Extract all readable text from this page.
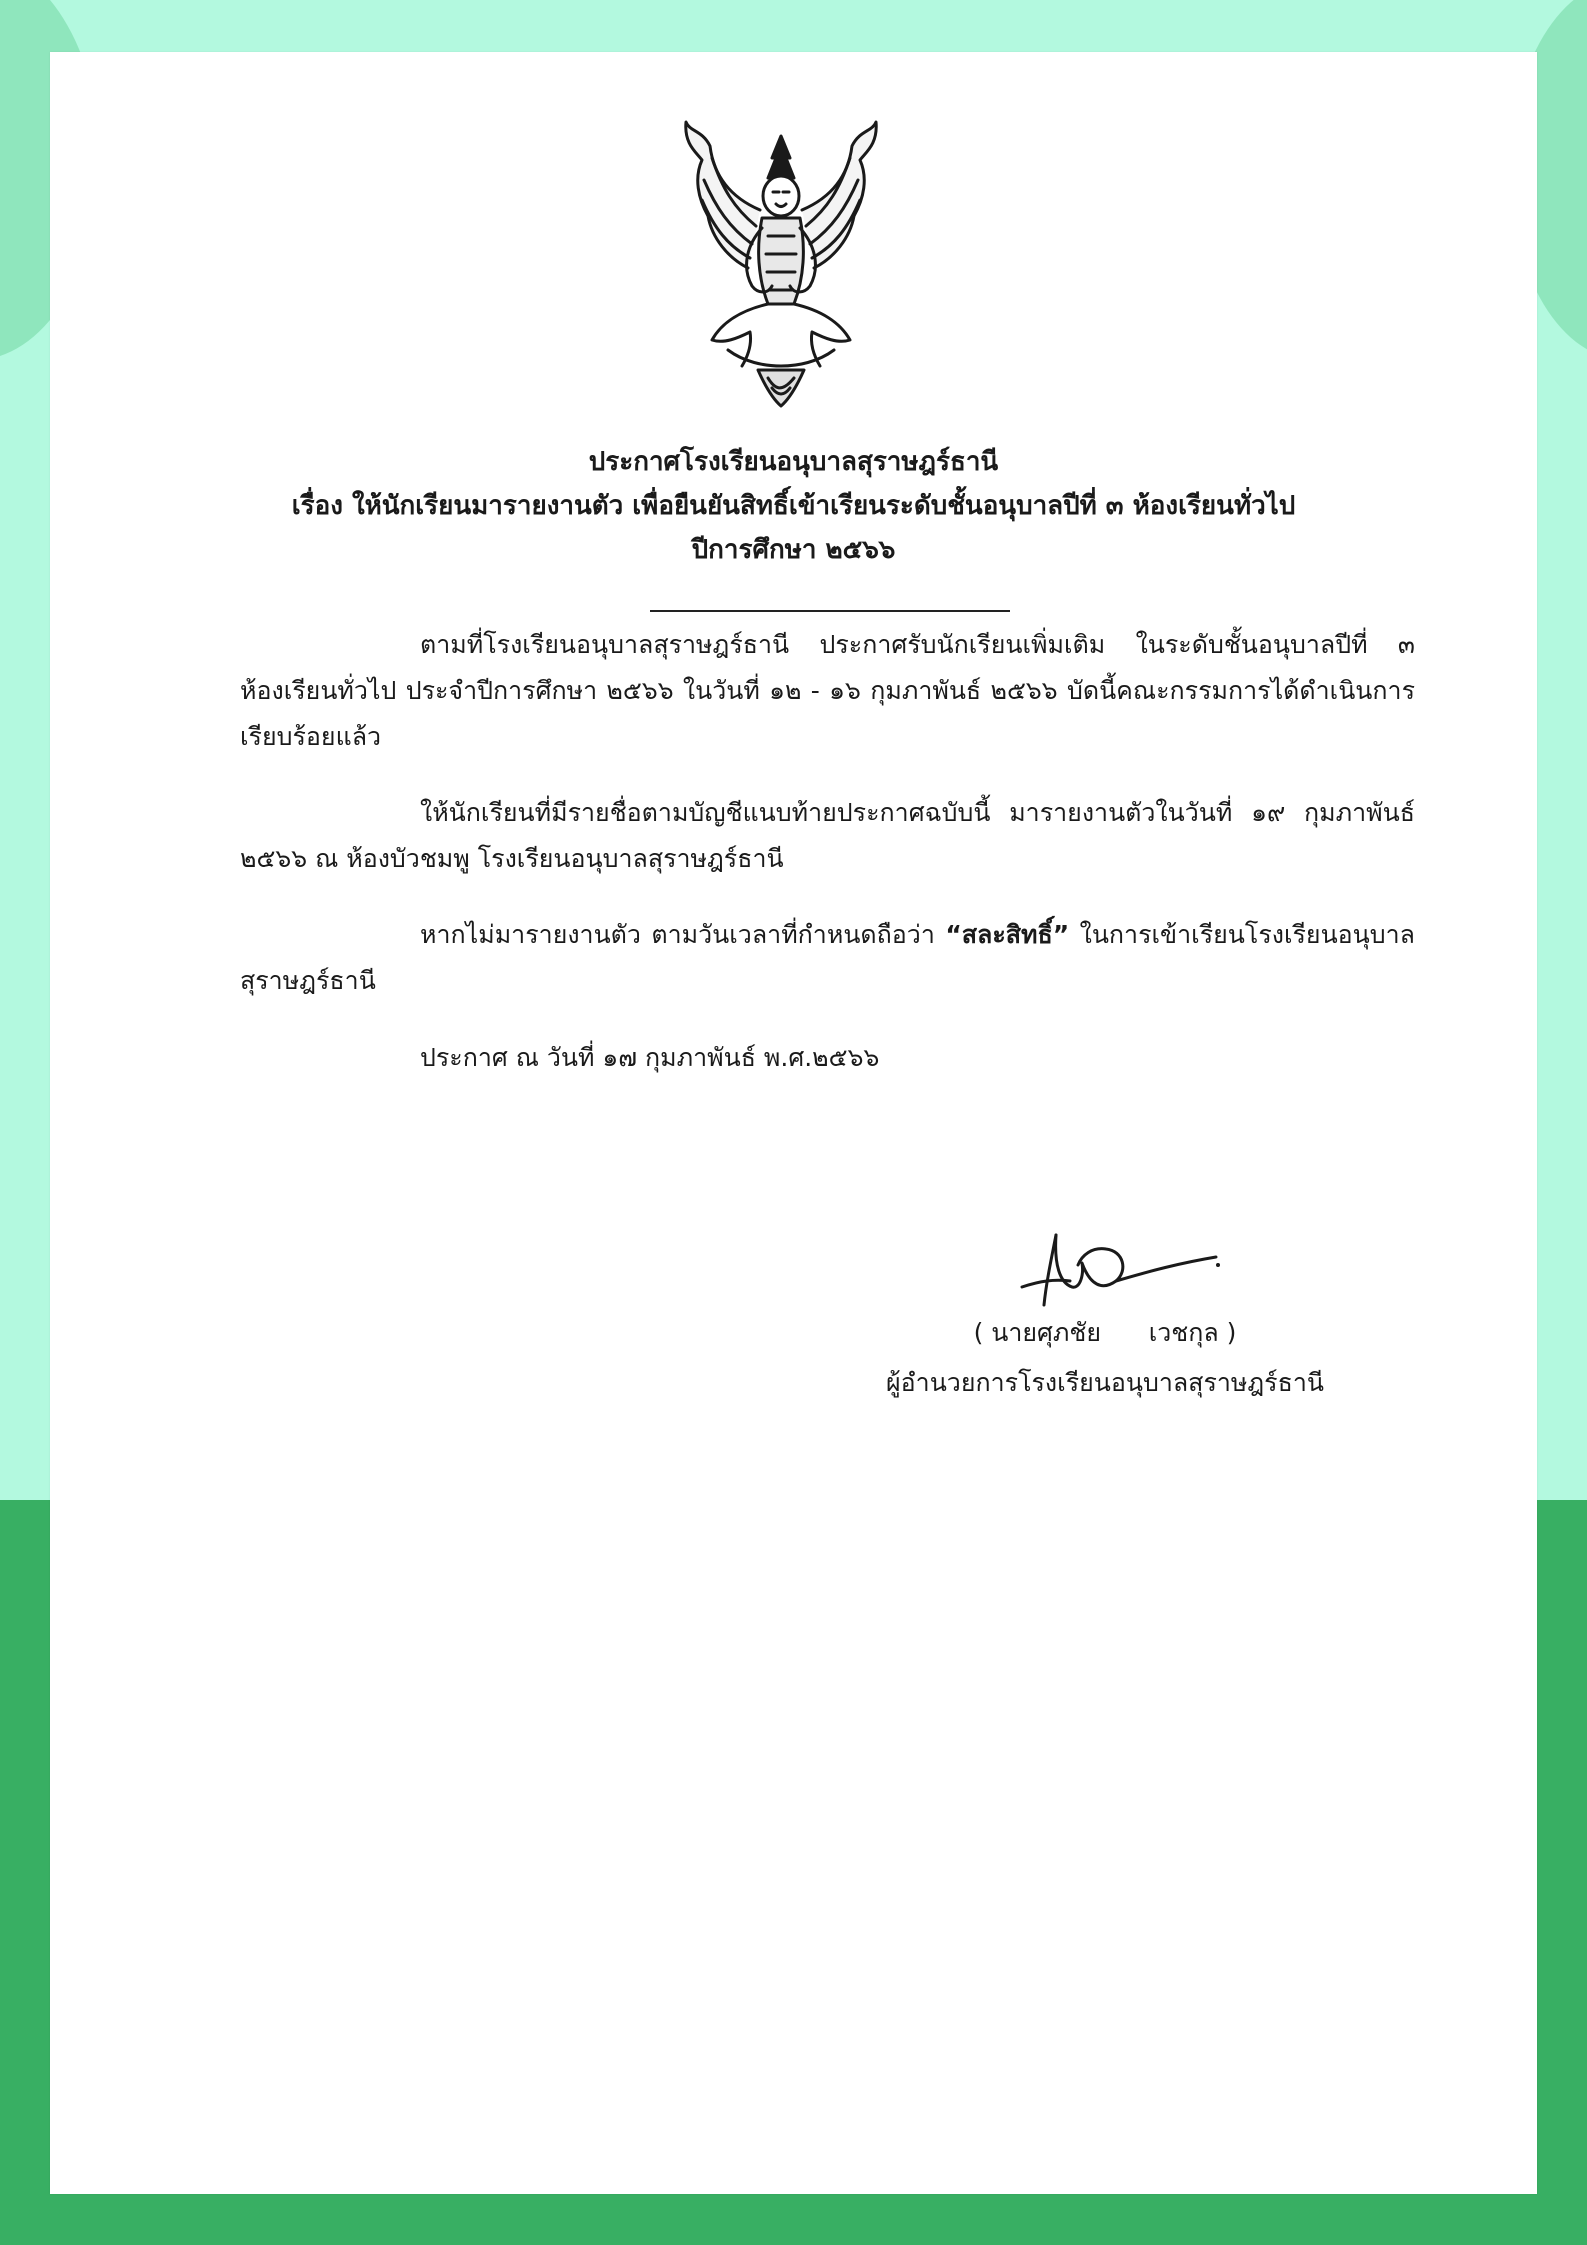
ประกาศโรงเรียนอนุบาลสุราษฎร์ธานี
เรื่อง ให้นักเรียนมารายงานตัว เพื่อยืนยันสิทธิ์เข้าเรียนระดับชั้นอนุบาลปีที่ ๓ ห้องเรียนทั่วไป
ปีการศึกษา ๒๕๖๖
ตามที่โรงเรียนอนุบาลสุราษฎร์ธานี ประกาศรับนักเรียนเพิ่มเติม ในระดับชั้นอนุบาลปีที่ ๓ ห้องเรียนทั่วไป ประจำปีการศึกษา ๒๕๖๖ ในวันที่ ๑๒ - ๑๖ กุมภาพันธ์ ๒๕๖๖ บัดนี้คณะกรรมการได้ดำเนินการเรียบร้อยแล้ว
ให้นักเรียนที่มีรายชื่อตามบัญชีแนบท้ายประกาศฉบับนี้ มารายงานตัวในวันที่ ๑๙ กุมภาพันธ์ ๒๕๖๖ ณ ห้องบัวชมพู โรงเรียนอนุบาลสุราษฎร์ธานี
หากไม่มารายงานตัว ตามวันเวลาที่กำหนดถือว่า “สละสิทธิ์” ในการเข้าเรียนโรงเรียนอนุบาลสุราษฎร์ธานี
ประกาศ ณ วันที่ ๑๗ กุมภาพันธ์ พ.ศ.๒๕๖๖
( นายศุภชัย      เวชกุล )
ผู้อำนวยการโรงเรียนอนุบาลสุราษฎร์ธานี
